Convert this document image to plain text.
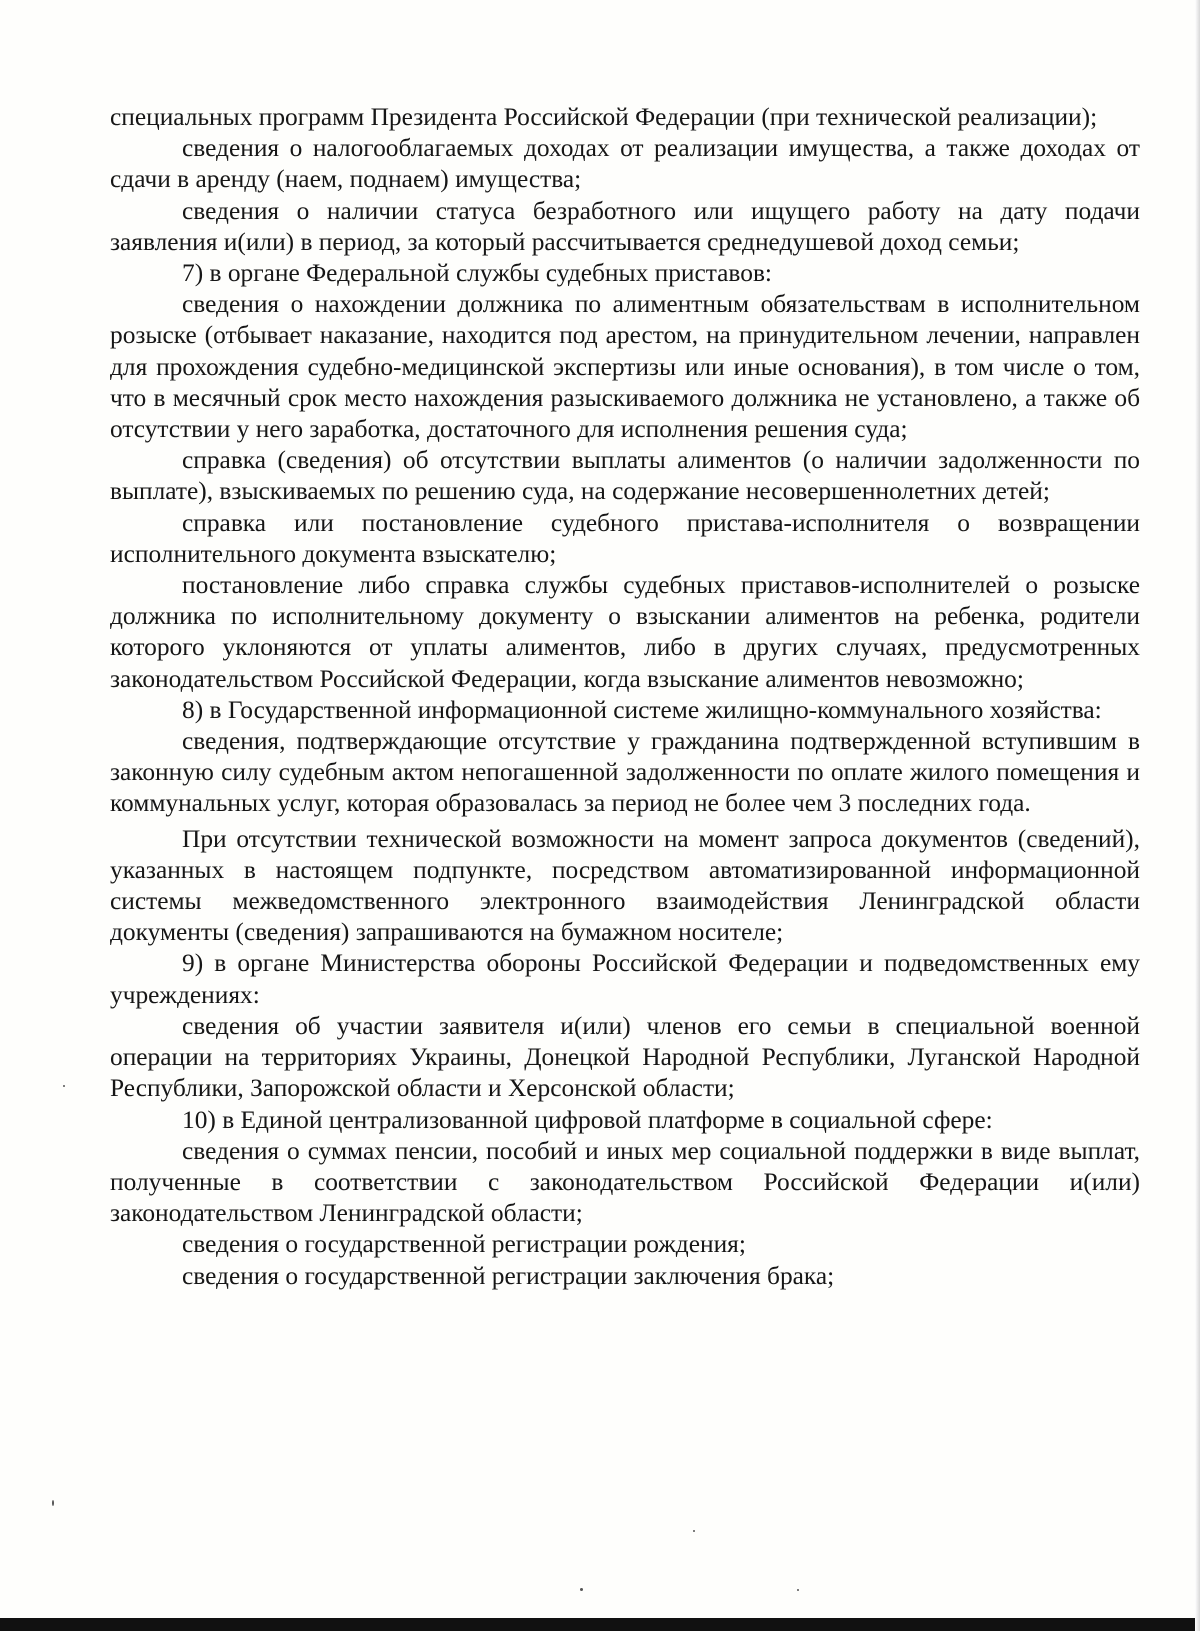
специальных программ Президента Российской Федерации (при технической реализации);

сведения о налогооблагаемых доходах от реализации имущества, а также доходах от сдачи в аренду (наем, поднаем) имущества;

сведения о наличии статуса безработного или ищущего работу на дату подачи заявления и(или) в период, за который рассчитывается среднедушевой доход семьи;

7) в органе Федеральной службы судебных приставов:

сведения о нахождении должника по алиментным обязательствам в исполнительном розыске (отбывает наказание, находится под арестом, на принудительном лечении, направлен для прохождения судебно-медицинской экспертизы или иные основания), в том числе о том, что в месячный срок место нахождения разыскиваемого должника не установлено, а также об отсутствии у него заработка, достаточного для исполнения решения суда;

справка (сведения) об отсутствии выплаты алиментов (о наличии задолженности по выплате), взыскиваемых по решению суда, на содержание несовершеннолетних детей;

справка или постановление судебного пристава-исполнителя о возвращении исполнительного документа взыскателю;

постановление либо справка службы судебных приставов-исполнителей о розыске должника по исполнительному документу о взыскании алиментов на ребенка, родители которого уклоняются от уплаты алиментов, либо в других случаях, предусмотренных законодательством Российской Федерации, когда взыскание алиментов невозможно;

8) в Государственной информационной системе жилищно-коммунального хозяйства:

сведения, подтверждающие отсутствие у гражданина подтвержденной вступившим в законную силу судебным актом непогашенной задолженности по оплате жилого помещения и коммунальных услуг, которая образовалась за период не более чем 3 последних года.

При отсутствии технической возможности на момент запроса документов (сведений), указанных в настоящем подпункте, посредством автоматизированной информационной системы межведомственного электронного взаимодействия Ленинградской области документы (сведения) запрашиваются на бумажном носителе;

9) в органе Министерства обороны Российской Федерации и подведомственных ему учреждениях:

сведения об участии заявителя и(или) членов его семьи в специальной военной операции на территориях Украины, Донецкой Народной Республики, Луганской Народной Республики, Запорожской области и Херсонской области;

10) в Единой централизованной цифровой платформе в социальной сфере:

сведения о суммах пенсии, пособий и иных мер социальной поддержки в виде выплат, полученные в соответствии с законодательством Российской Федерации и(или) законодательством Ленинградской области;

сведения о государственной регистрации рождения;

сведения о государственной регистрации заключения брака;
